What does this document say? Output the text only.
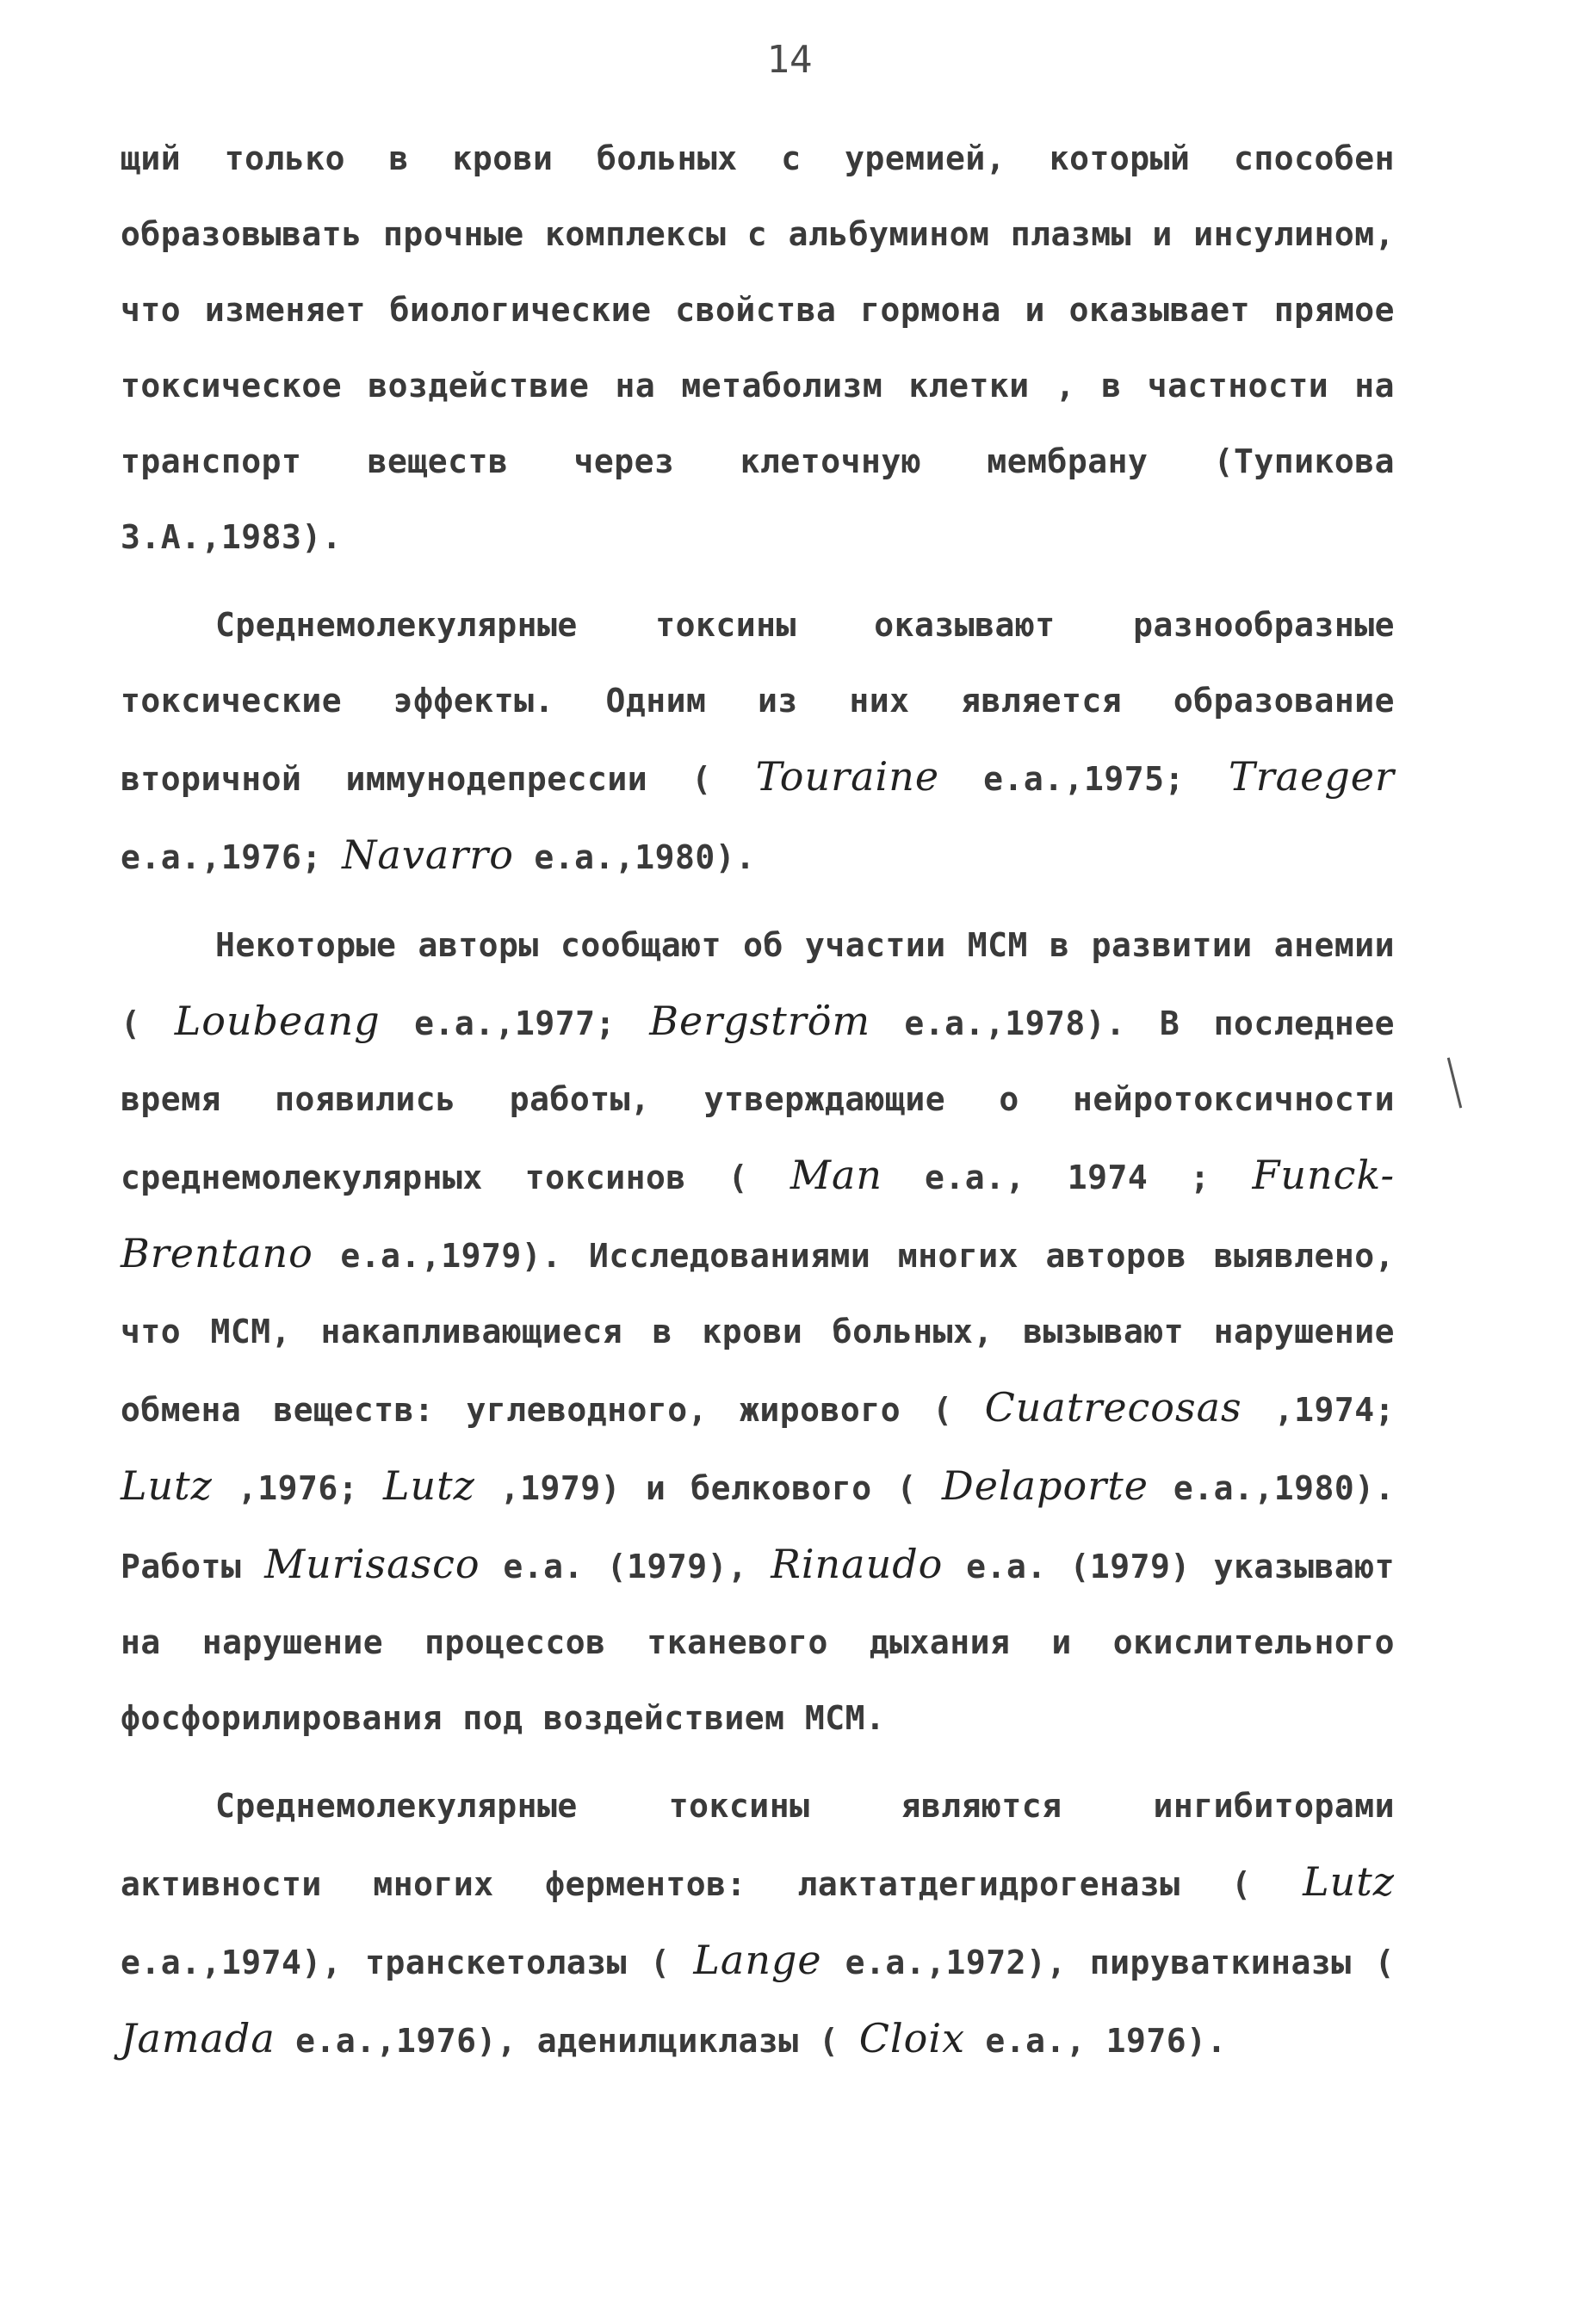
14

щий только в крови больных с уремией, который способен образовывать прочные комплексы с альбумином плазмы и инсулином, что изменяет биологические свойства гормона и оказывает прямое токсическое воздействие на метаболизм клетки , в частности на транспорт веществ через клеточную мембрану (Тупикова З.А.,1983).

Среднемолекулярные токсины оказывают разнообразные токсические эффекты. Одним из них является образование вторичной иммунодепрессии ( Touraine e.a.,1975; Traeger e.a.,1976; Navarro e.a.,1980).

Некоторые авторы сообщают об участии МСМ в развитии анемии ( Loubeang e.a.,1977; Bergström e.a.,1978). В последнее время появились работы, утверждающие о нейротоксичности среднемолекулярных токсинов ( Man e.a., 1974 ; Funck-Brentano e.a.,1979). Исследованиями многих авторов выявлено, что МСМ, накапливающиеся в крови больных, вызывают нарушение обмена веществ: углеводного, жирового ( Cuatrecosas ,1974; Lutz ,1976; Lutz ,1979) и белкового ( Delaporte e.a.,1980). Работы Murisasco e.a. (1979), Rinaudo e.a. (1979) указывают на нарушение процессов тканевого дыхания и окислительного фосфорилирования под воздействием МСМ.

Среднемолекулярные токсины являются ингибиторами активности многих ферментов: лактатдегидрогеназы ( Lutz e.a.,1974), транскетолазы ( Lange e.a.,1972), пируваткиназы ( Jamada e.a.,1976), аденилциклазы ( Cloix e.a., 1976).
